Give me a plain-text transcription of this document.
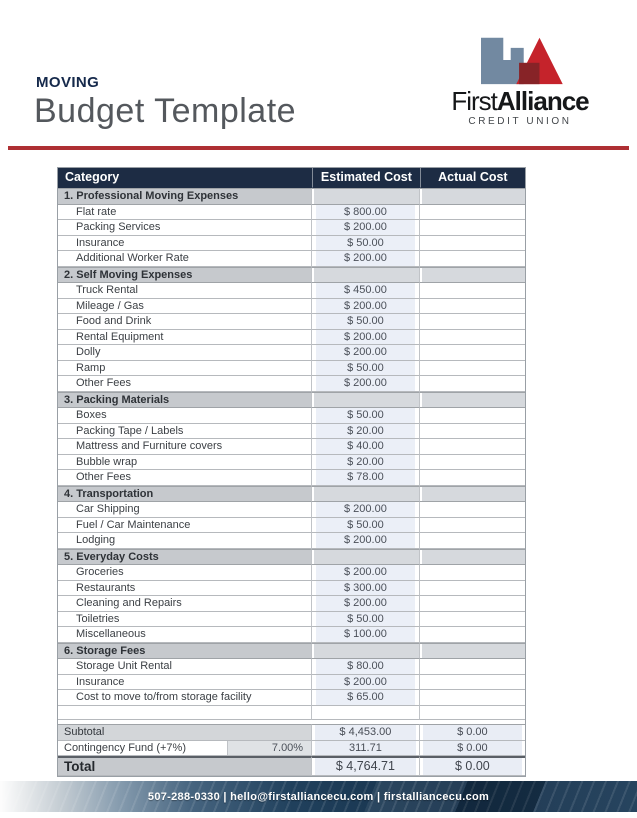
MOVING
Budget Template	FirstAlliance
CREDIT UNION
Category	Estimated Cost	Actual Cost
1. Professional Moving Expenses		
Flat rate	$ 800.00	
Packing Services	$ 200.00	
Insurance	$ 50.00	
Additional Worker Rate	$ 200.00	
2. Self Moving Expenses		
Truck Rental	$ 450.00	
Mileage / Gas	$ 200.00	
Food and Drink	$ 50.00	
Rental Equipment	$ 200.00	
Dolly	$ 200.00	
Ramp	$ 50.00	
Other Fees	$ 200.00	
3. Packing Materials		
Boxes	$ 50.00	
Packing Tape / Labels	$ 20.00	
Mattress and Furniture covers	$ 40.00	
Bubble wrap	$ 20.00	
Other Fees	$ 78.00	
4. Transportation		
Car Shipping	$ 200.00	
Fuel / Car Maintenance	$ 50.00	
Lodging	$ 200.00	
5. Everyday Costs		
Groceries	$ 200.00	
Restaurants	$ 300.00	
Cleaning and Repairs	$ 200.00	
Toiletries	$ 50.00	
Miscellaneous	$ 100.00	
6. Storage Fees		
Storage Unit Rental	$ 80.00	
Insurance	$ 200.00	
Cost to move to/from storage facility	$ 65.00	

Subtotal	$ 4,453.00	$ 0.00

Contingency Fund (+7%) 7.00%	311.71	$ 0.00
Total	$ 4,764.71	$ 0.00
507-288-0330 | hello@firstalliancecu.com | firstalliancecu.com
